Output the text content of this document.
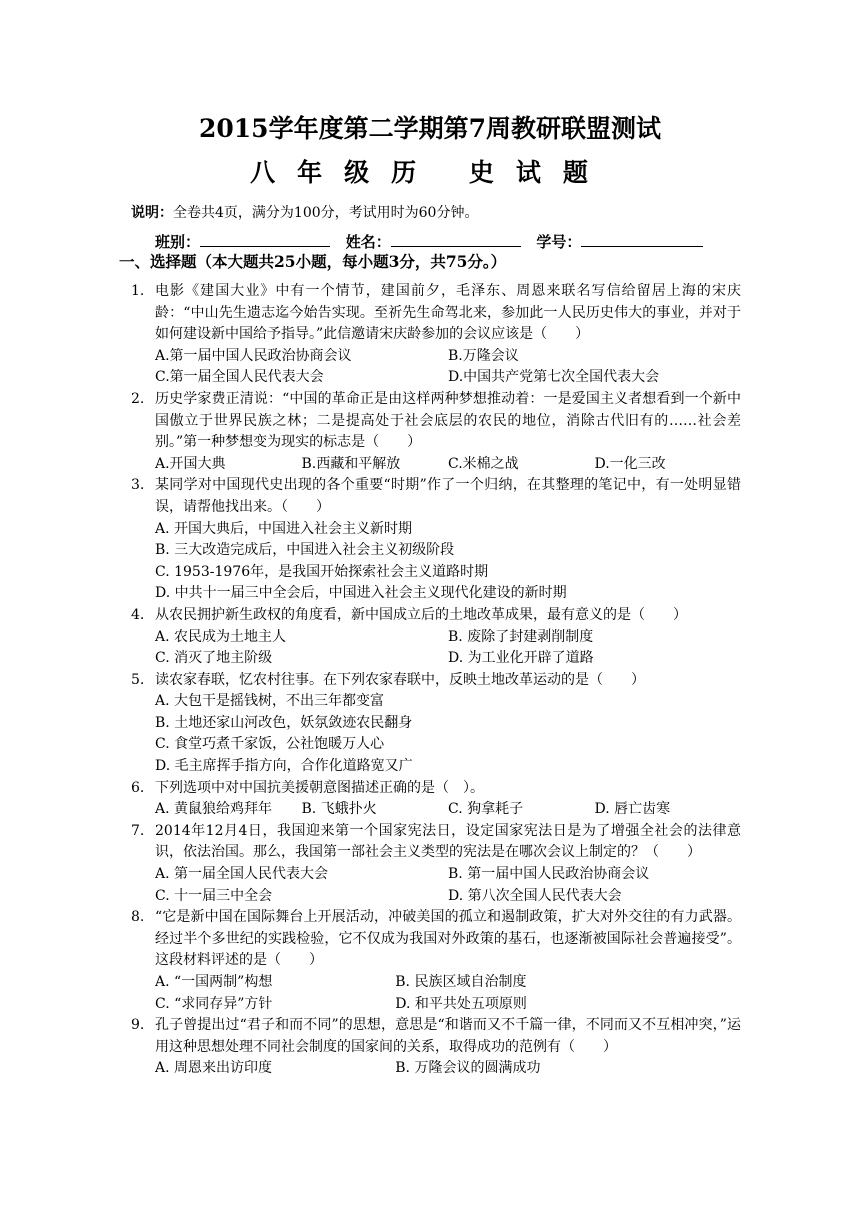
2015学年度第二学期第7周教研联盟测试
八年级历 史试题
说明：全卷共4页，满分为100分，考试用时为60分钟。
班别：	姓名：	学号：
一、选择题（本大题共25小题，每小题3分，共75分。）
1. 电影《建国大业》中有一个情节，建国前夕，毛泽东、周恩来联名写信给留居上海的宋庆龄：“中山先生遗志迄今始告实现。至祈先生命驾北来，参加此一人民历史伟大的事业，并对于如何建设新中国给予指导。”此信邀请宋庆龄参加的会议应该是（　　）
A.第一届中国人民政治协商会议	B.万隆会议
C.第一届全国人民代表大会	D.中国共产党第七次全国代表大会
2. 历史学家费正清说：“中国的革命正是由这样两种梦想推动着：一是爱国主义者想看到一个新中国傲立于世界民族之林；二是提高处于社会底层的农民的地位，消除古代旧有的……社会差别。”第一种梦想变为现实的标志是（　　）
A.开国大典	B.西藏和平解放	C.米棉之战	D.一化三改
3. 某同学对中国现代史出现的各个重要“时期”作了一个归纳，在其整理的笔记中，有一处明显错误，请帮他找出来。（　　）
A. 开国大典后，中国进入社会主义新时期
B. 三大改造完成后，中国进入社会主义初级阶段
C. 1953-1976年，是我国开始探索社会主义道路时期
D. 中共十一届三中全会后，中国进入社会主义现代化建设的新时期
4. 从农民拥护新生政权的角度看，新中国成立后的土地改革成果，最有意义的是（　　）
A. 农民成为土地主人	B. 废除了封建剥削制度
C. 消灭了地主阶级	D. 为工业化开辟了道路
5. 读农家春联，忆农村往事。在下列农家春联中，反映土地改革运动的是（　　）
A. 大包干是摇钱树，不出三年都变富
B. 土地还家山河改色，妖氛敛迹农民翻身
C. 食堂巧煮千家饭，公社饱暖万人心
D. 毛主席挥手指方向，合作化道路宽又广
6. 下列选项中对中国抗美援朝意图描述正确的是（　）。
A. 黄鼠狼给鸡拜年	B. 飞蛾扑火	C. 狗拿耗子	D. 唇亡齿寒
7. 2014年12月4日，我国迎来第一个国家宪法日，设定国家宪法日是为了增强全社会的法律意识，依法治国。那么，我国第一部社会主义类型的宪法是在哪次会议上制定的？（　　）
A. 第一届全国人民代表大会	B. 第一届中国人民政治协商会议
C. 十一届三中全会	D. 第八次全国人民代表大会
8. “它是新中国在国际舞台上开展活动，冲破美国的孤立和遏制政策，扩大对外交往的有力武器。经过半个多世纪的实践检验，它不仅成为我国对外政策的基石，也逐渐被国际社会普遍接受”。这段材料评述的是（　　）
A. “一国两制”构想	B. 民族区域自治制度
C. “求同存异”方针	D. 和平共处五项原则
9. 孔子曾提出过“君子和而不同”的思想，意思是“和谐而又不千篇一律，不同而又不互相冲突，”运用这种思想处理不同社会制度的国家间的关系，取得成功的范例有（　　）
A. 周恩来出访印度	B. 万隆会议的圆满成功
